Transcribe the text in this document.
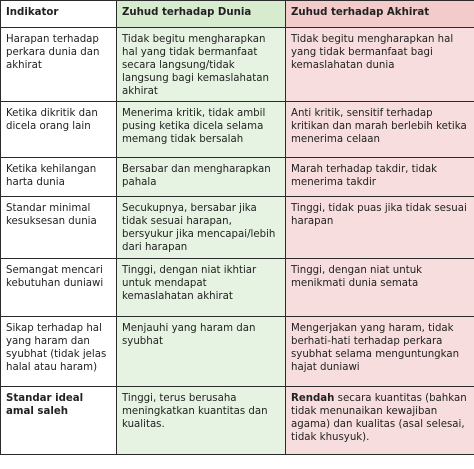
Indikator	Zuhud terhadap Dunia	Zuhud terhadap Akhirat
Harapan terhadap perkara dunia dan akhirat	Tidak begitu mengharapkan hal yang tidak bermanfaat secara langsung/tidak langsung bagi kemaslahatan akhirat	Tidak begitu mengharapkan hal yang tidak bermanfaat bagi kemaslahatan dunia
Ketika dikritik dan dicela orang lain	Menerima kritik, tidak ambil pusing ketika dicela selama memang tidak bersalah	Anti kritik, sensitif terhadap kritikan dan marah berlebih ketika menerima celaan
Ketika kehilangan harta dunia	Bersabar dan mengharapkan pahala	Marah terhadap takdir, tidak menerima takdir
Standar minimal kesuksesan dunia	Secukupnya, bersabar jika tidak sesuai harapan, bersyukur jika mencapai/lebih dari harapan	Tinggi, tidak puas jika tidak sesuai harapan
Semangat mencari kebutuhan duniawi	Tinggi, dengan niat ikhtiar untuk mendapat kemaslahatan akhirat	Tinggi, dengan niat untuk menikmati dunia semata
Sikap terhadap hal yang haram dan syubhat (tidak jelas halal atau haram)	Menjauhi yang haram dan syubhat	Mengerjakan yang haram, tidak berhati-hati terhadap perkara syubhat selama menguntungkan hajat duniawi
Standar ideal amal saleh	Tinggi, terus berusaha meningkatkan kuantitas dan kualitas.	Rendah secara kuantitas (bahkan tidak menunaikan kewajiban agama) dan kualitas (asal selesai, tidak khusyuk).
